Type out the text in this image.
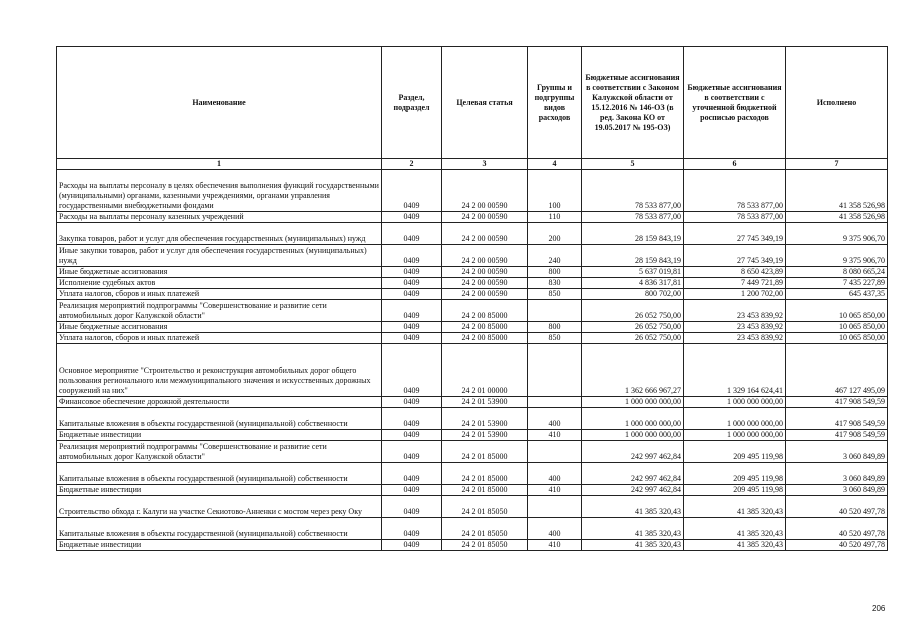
Наименование	Раздел, подраздел	Целевая статья	Группы и подгруппы видов расходов	Бюджетные ассигнования в соответствии с Законом Калужской области от 15.12.2016 № 146-ОЗ (в ред. Закона КО от 19.05.2017 № 195-ОЗ)	Бюджетные ассигнования в соответствии с уточненной бюджетной росписью расходов	Исполнено
1	2	3	4	5	6	7
Расходы на выплаты персоналу в целях обеспечения выполнения функций государственными (муниципальными) органами, казенными учреждениями, органами управления государственными внебюджетными фондами	0409	24 2 00 00590	100	78 533 877,00	78 533 877,00	41 358 526,98
Расходы на выплаты персоналу казенных учреждений	0409	24 2 00 00590	110	78 533 877,00	78 533 877,00	41 358 526,98
Закупка товаров, работ и услуг для обеспечения государственных (муниципальных) нужд	0409	24 2 00 00590	200	28 159 843,19	27 745 349,19	9 375 906,70
Иные закупки товаров, работ и услуг для обеспечения государственных (муниципальных) нужд	0409	24 2 00 00590	240	28 159 843,19	27 745 349,19	9 375 906,70
Иные бюджетные ассигнования	0409	24 2 00 00590	800	5 637 019,81	8 650 423,89	8 080 665,24
Исполнение судебных актов	0409	24 2 00 00590	830	4 836 317,81	7 449 721,89	7 435 227,89
Уплата налогов, сборов и иных платежей	0409	24 2 00 00590	850	800 702,00	1 200 702,00	645 437,35
Реализация мероприятий подпрограммы "Совершенствование и развитие сети автомобильных дорог Калужской области"	0409	24 2 00 85000		26 052 750,00	23 453 839,92	10 065 850,00
Иные бюджетные ассигнования	0409	24 2 00 85000	800	26 052 750,00	23 453 839,92	10 065 850,00
Уплата налогов, сборов и иных платежей	0409	24 2 00 85000	850	26 052 750,00	23 453 839,92	10 065 850,00
Основное мероприятие "Строительство и реконструкция автомобильных дорог общего пользования регионального или межмуниципального значения и искусственных дорожных сооружений на них"	0409	24 2 01 00000		1 362 666 967,27	1 329 164 624,41	467 127 495,09
Финансовое обеспечение дорожной деятельности	0409	24 2 01 53900		1 000 000 000,00	1 000 000 000,00	417 908 549,59
Капитальные вложения в объекты государственной (муниципальной) собственности	0409	24 2 01 53900	400	1 000 000 000,00	1 000 000 000,00	417 908 549,59
Бюджетные инвестиции	0409	24 2 01 53900	410	1 000 000 000,00	1 000 000 000,00	417 908 549,59
Реализация мероприятий подпрограммы "Совершенствование и развитие сети автомобильных дорог Калужской области"	0409	24 2 01 85000		242 997 462,84	209 495 119,98	3 060 849,89
Капитальные вложения в объекты государственной (муниципальной) собственности	0409	24 2 01 85000	400	242 997 462,84	209 495 119,98	3 060 849,89
Бюджетные инвестиции	0409	24 2 01 85000	410	242 997 462,84	209 495 119,98	3 060 849,89
Строительство обхода г. Калуги на участке Секиотово-Анненки с мостом через реку Оку	0409	24 2 01 85050		41 385 320,43	41 385 320,43	40 520 497,78
Капитальные вложения в объекты государственной (муниципальной) собственности	0409	24 2 01 85050	400	41 385 320,43	41 385 320,43	40 520 497,78
Бюджетные инвестиции	0409	24 2 01 85050	410	41 385 320,43	41 385 320,43	40 520 497,78
206
